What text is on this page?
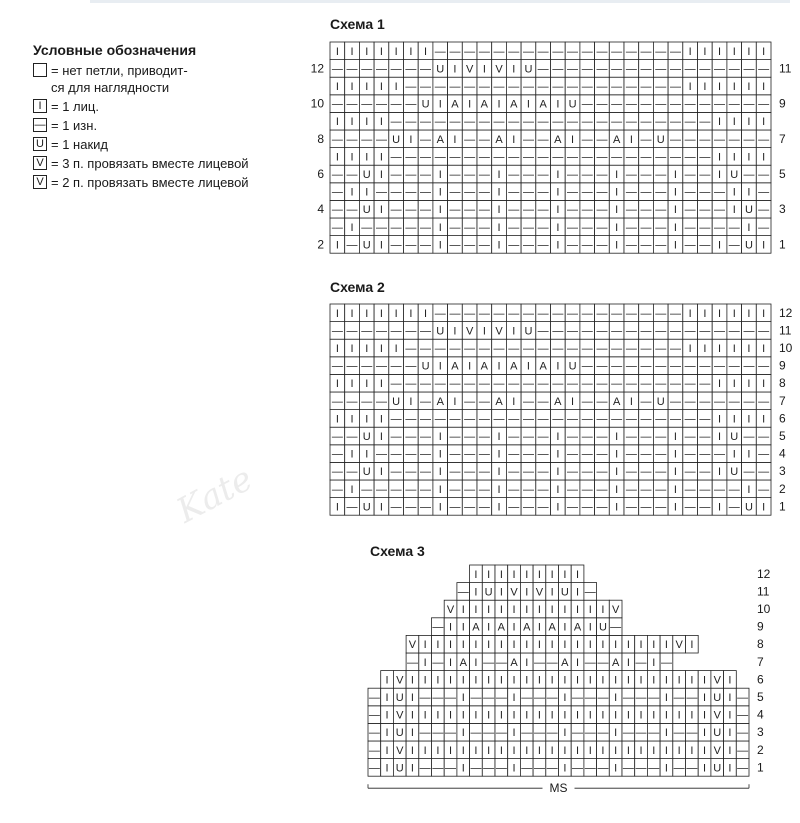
Kate
Условные обозначения
= нет петли, приводит-
ся для наглядности
I = 1 лиц.
— = 1 изн.
U = 1 накид
V = 3 п. провязать вместе лицевой
V = 2 п. провязать вместе лицевой
Схема 1
I — U I — — — I — — — I — — — I — — — I — — — I — — I — U I
— I — — — — — I — — — I — — — I — — — I — — — I — — — — I —
— — U I — — — I — — — I — — — I — — — I — — — I — — — I U —
— I I — — — — I — — — I — — — I — — — I — — — I — — — I I —
— — U I — — — I — — — I — — — I — — — I — — — I — — I U — —
I I I I — — — — — — — — — — — — — — — — — — — — — — I I I I
— — — — U I — A I — — A I — — A I — — A I — U — — — — — — —
I I I I — — — — — — — — — — — — — — — — — — — — — — I I I I
— — — — — — U I A I A I A I A I U — — — — — — — — — — — — —
I I I I I — — — — — — — — — — — — — — — — — — — I I I I I I
— — — — — — — U I V I V I U — — — — — — — — — — — — — — — —
I I I I I I I — — — — — — — — — — — — — — — — — I I I I I I
1
3
5
7
9
11
2
4
6
8
10
12
Схема 2
I — U I — — — I — — — I — — — I — — — I — — — I — — I — U I
— I — — — — — I — — — I — — — I — — — I — — — I — — — — I —
— — U I — — — I — — — I — — — I — — — I — — — I — — I U — —
— I I — — — — I — — — I — — — I — — — I — — — I — — — I I —
— — U I — — — I — — — I — — — I — — — I — — — I — — I U — —
I I I I — — — — — — — — — — — — — — — — — — — — — — I I I I
— — — — U I — A I — — A I — — A I — — A I — U — — — — — — —
I I I I — — — — — — — — — — — — — — — — — — — — — — I I I I
— — — — — — U I A I A I A I A I U — — — — — — — — — — — — —
I I I I I — — — — — — — — — — — — — — — — — — — I I I I I I
— — — — — — — U I V I V I U — — — — — — — — — — — — — — — —
I I I I I I I — — — — — — — — — — — — — — — — — I I I I I I
1
2
3
4
5
6
7
8
9
10
11
12
Схема 3
— I U I — — — I — — — I — — — I — — — I — — — I — — I U I —
— I V I I I I I I I I I I I I I I I I I I I I I I I I V I —
— I U I — — — I — — — I — — — I — — — I — — — I — — I U I —
— I V I I I I I I I I I I I I I I I I I I I I I I I I V I —
— I U I — — — I — — — I — — — I — — — I — — — I — — I U I —
I V I I I I I I I I I I I I I I I I I I I I I I I I V I
— I — I A I — — A I — — A I — — A I — I —
V I I I I I I I I I I I I I I I I I I I I V I
— I I A I A I A I A I A I U —
V I I I I I I I I I I I I V
— I U I V I V I U I —
I I I I I I I I I
1
2
3
4
5
6
7
8
9
10
11
12
MS
